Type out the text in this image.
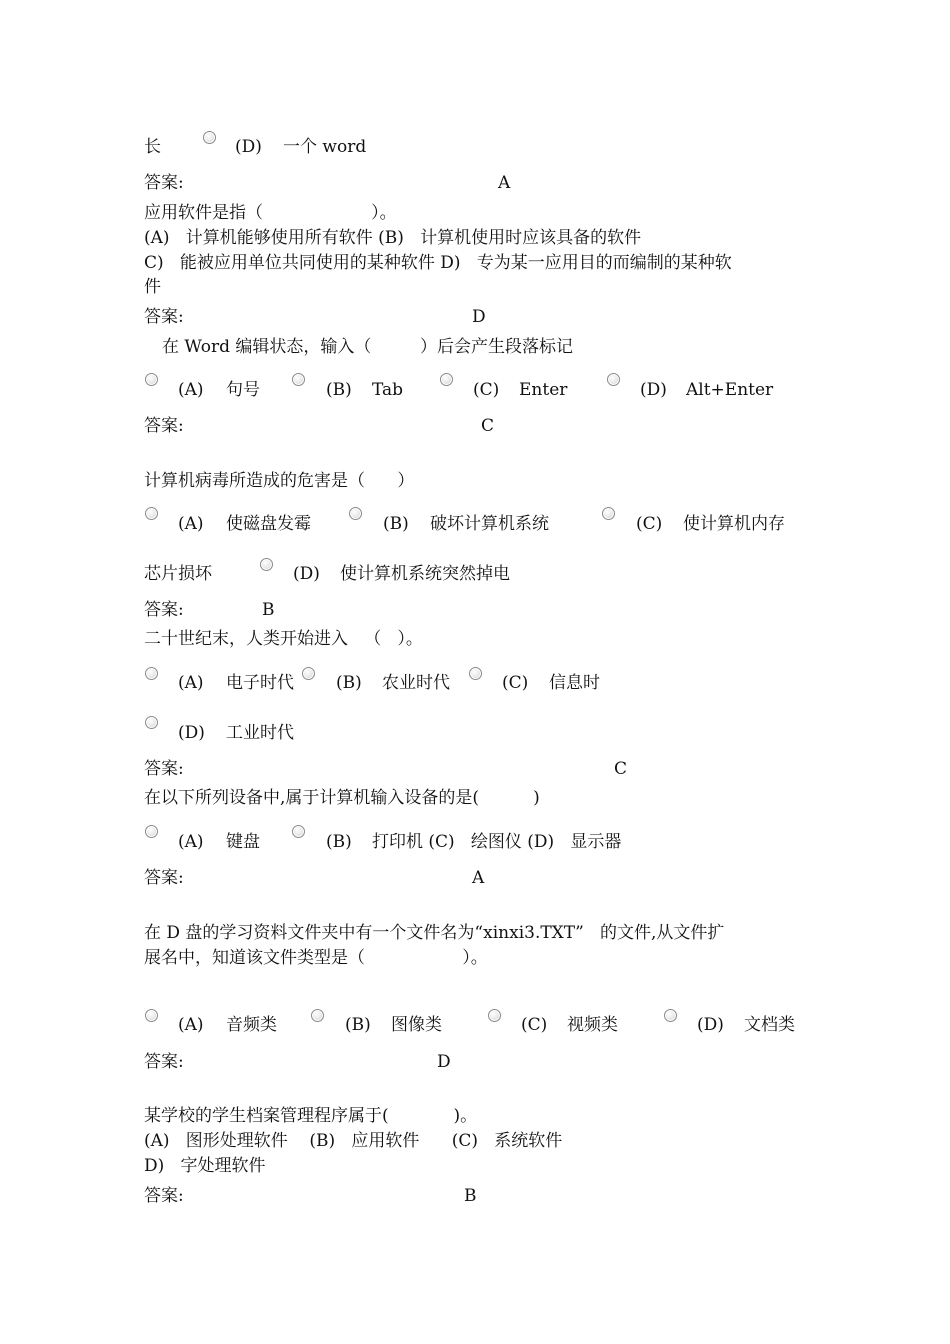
长	(D) 一个 word
答案:	A
应用软件是指（                    ）。
(A)   计算机能够使用所有软件 (B)   计算机使用时应该具备的软件
C)   能被应用单位共同使用的某种软件 D)   专为某一应用目的而编制的某种软
件
答案:	D
在 Word 编辑状态，输入（         ）后会产生段落标记
(A) 句号	(B) Tab	(C) Enter	(D) Alt+Enter
答案:	C
计算机病毒所造成的危害是（      ）
(A) 使磁盘发霉	(B) 破坏计算机系统	(C) 使计算机内存
芯片损坏	(D) 使计算机系统突然掉电
答案:	B
二十世纪末，人类开始进入   （   ）。
(A) 电子时代 (B) 农业时代	(C) 信息时
(D) 工业时代
答案:	C
在以下所列设备中,属于计算机输入设备的是(          )
(A) 键盘	(B) 打印机 (C)   绘图仪 (D)   显示器
答案:	A
在 D 盘的学习资料文件夹中有一个文件名为“xinxi3.TXT”   的文件,从文件扩
展名中，知道该文件类型是（                  ）。
(A) 音频类	(B) 图像类	(C) 视频类	(D) 文档类
答案:	D
某学校的学生档案管理程序属于(            )。
(A)   图形处理软件    (B)   应用软件      (C)   系统软件
D)   字处理软件
答案:	B
